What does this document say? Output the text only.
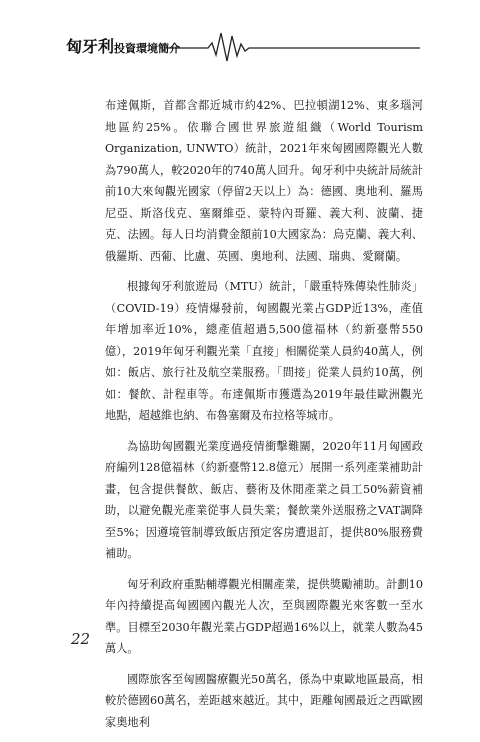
匈牙利投資環境簡介

布達佩斯，首都含都近城市約42%、巴拉頓湖12%、東多瑙河地區約25%。依聯合國世界旅遊組織（World Tourism Organization, UNWTO）統計，2021年來匈國國際觀光人數為790萬人，較2020年的740萬人回升。匈牙利中央統計局統計前10大來匈觀光國家（停留2天以上）為：德國、奧地利、羅馬尼亞、斯洛伐克、塞爾維亞、蒙特內哥羅、義大利、波蘭、捷克、法國。每人日均消費金額前10大國家為：烏克蘭、義大利、俄羅斯、西葡、比盧、英國、奧地利、法國、瑞典、愛爾蘭。

根據匈牙利旅遊局（MTU）統計，「嚴重特殊傳染性肺炎」（COVID-19）疫情爆發前，匈國觀光業占GDP近13%，產值年增加率近10%，總產值超過5,500億福林（約新臺幣550億），2019年匈牙利觀光業「直接」相關從業人員約40萬人，例如：飯店、旅行社及航空業服務。「間接」從業人員約10萬，例如：餐飲、計程車等。布達佩斯市獲選為2019年最佳歐洲觀光地點，超越維也納、布魯塞爾及布拉格等城市。

為協助匈國觀光業度過疫情衝擊難關，2020年11月匈國政府編列128億福林（約新臺幣12.8億元）展開一系列產業補助計畫，包含提供餐飲、飯店、藝術及休閒產業之員工50%薪資補助，以避免觀光產業從事人員失業；餐飲業外送服務之VAT調降至5%；因遵境管制導致飯店預定客房遭退訂，提供80%服務費補助。

匈牙利政府重點輔導觀光相關產業，提供獎勵補助。計劃10年內持續提高匈國國內觀光人次，至與國際觀光來客數一至水準。目標至2030年觀光業占GDP超過16%以上，就業人數為45萬人。

國際旅客至匈國醫療觀光50萬名，係為中東歐地區最高，相較於德國60萬名，差距越來越近。其中，距離匈國最近之西歐國家奧地利

22
